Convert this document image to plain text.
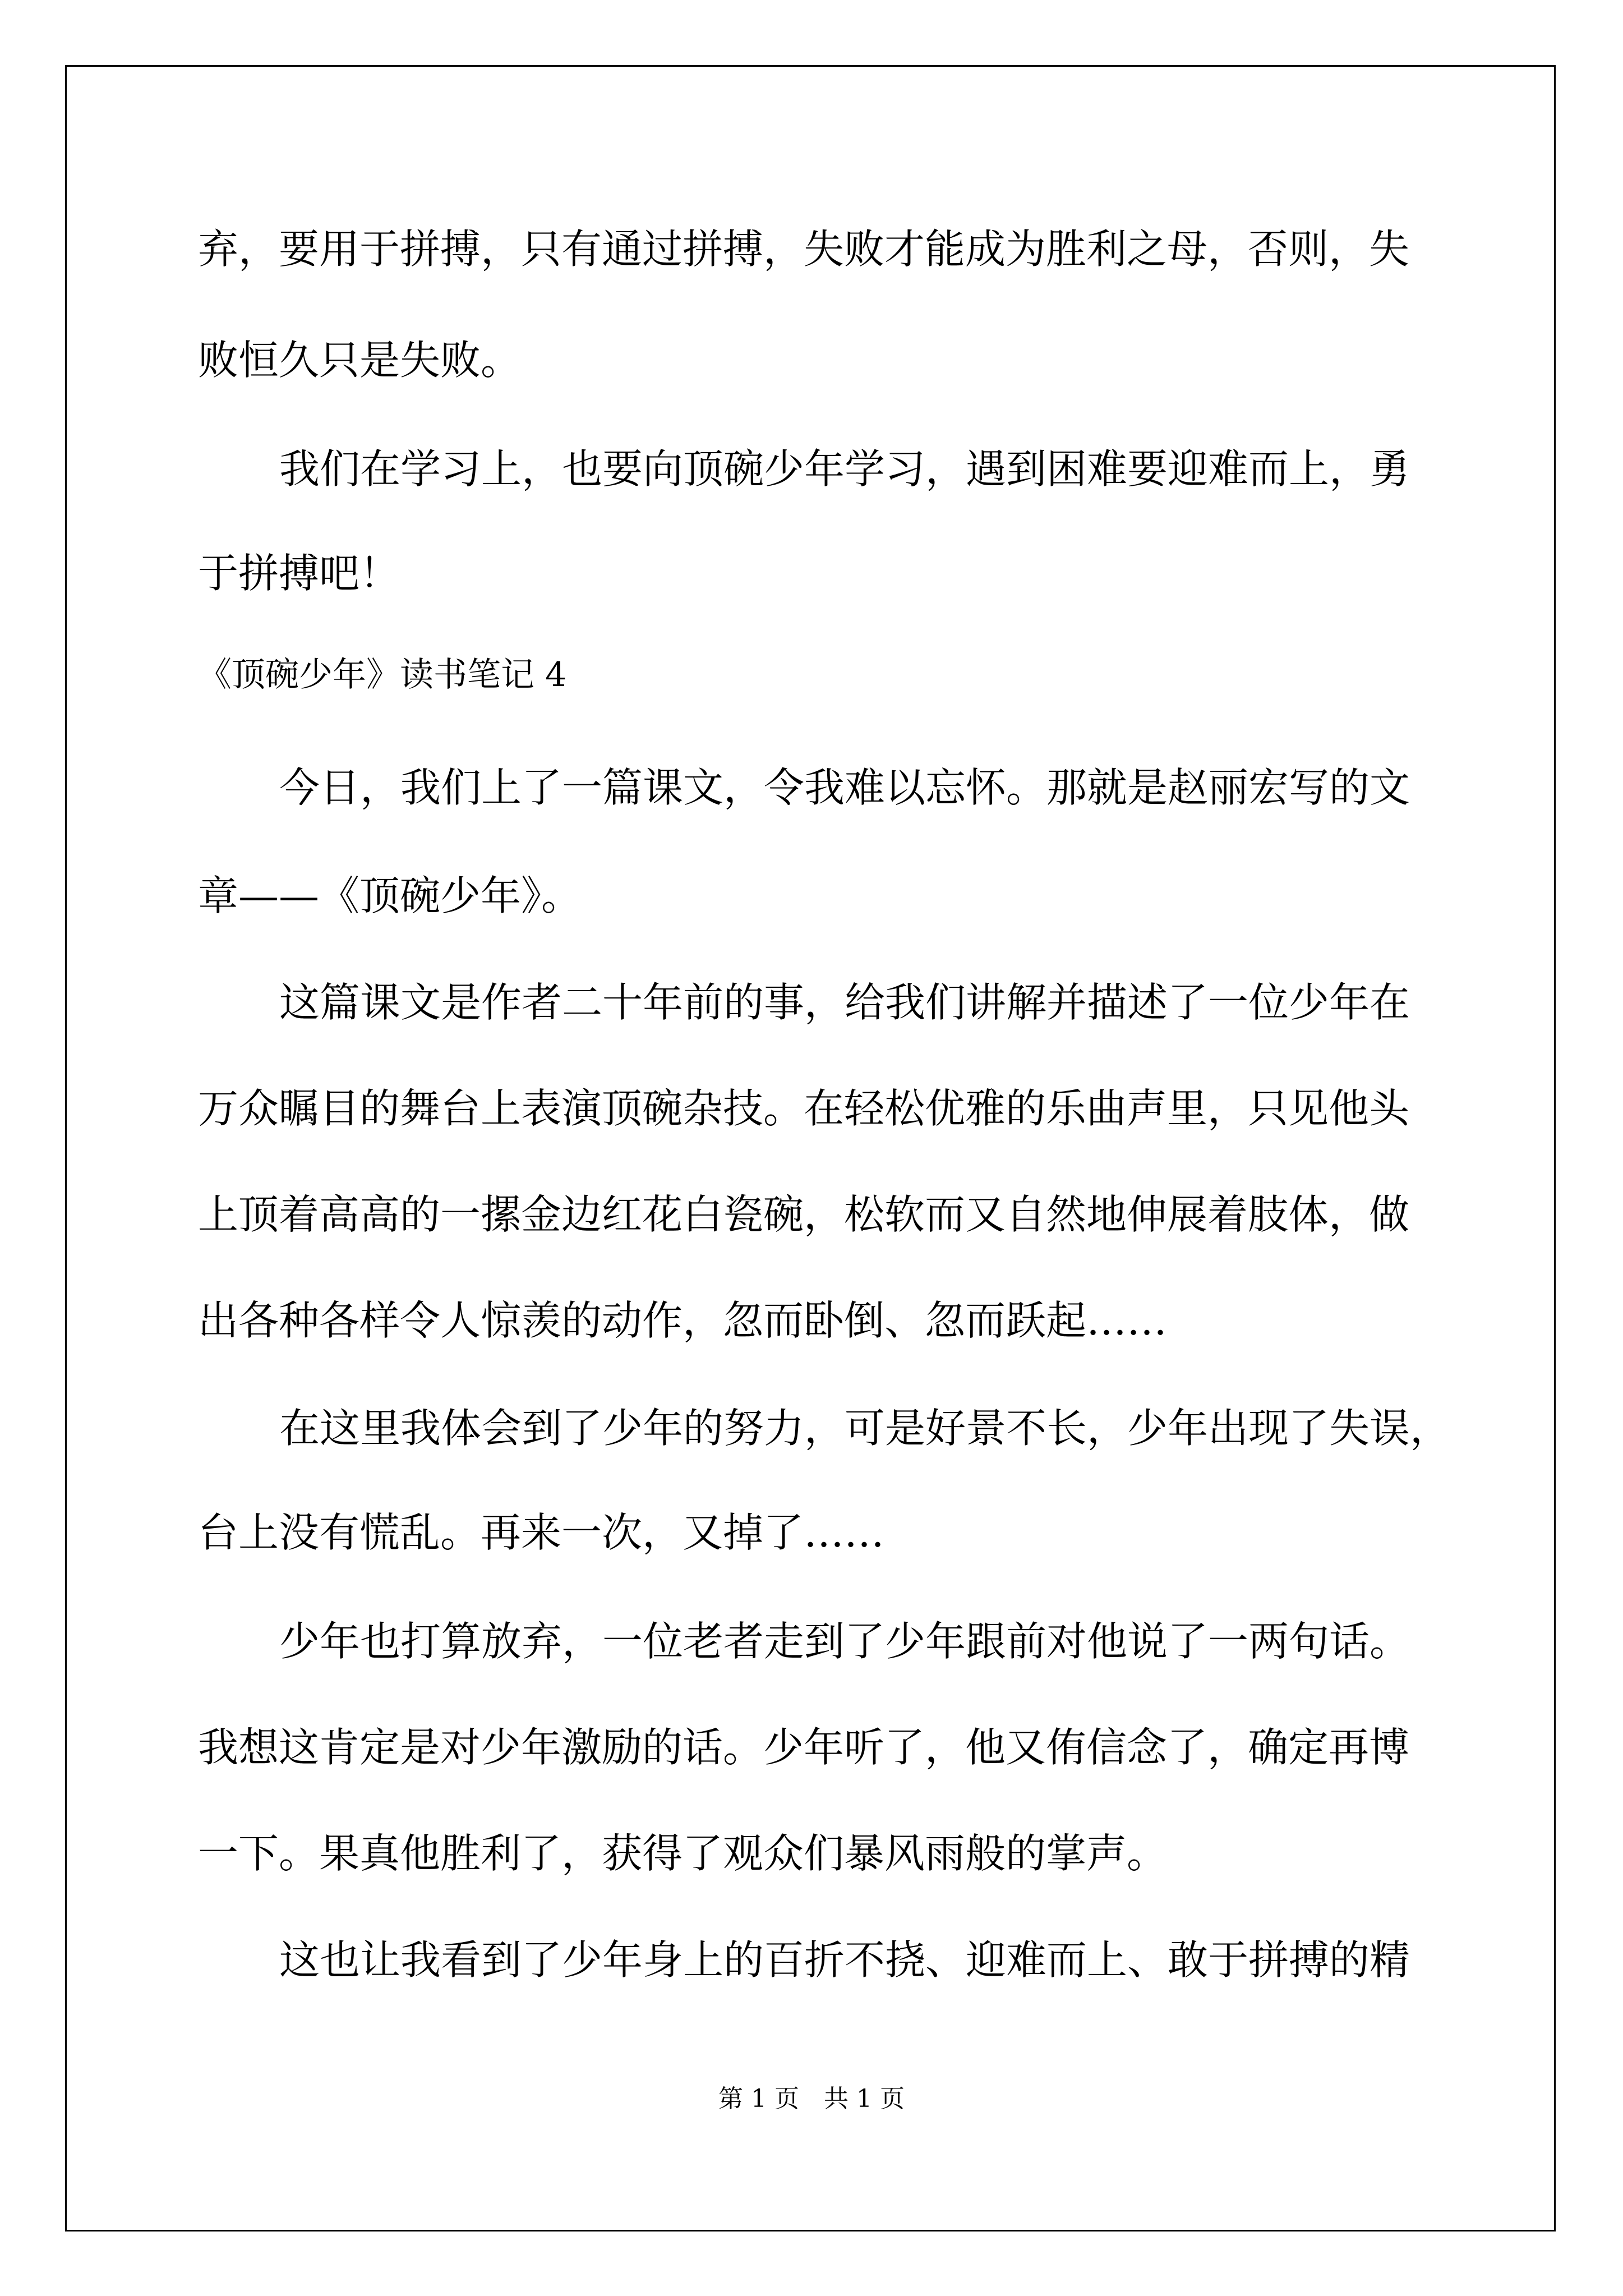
弃，要用于拼搏，只有通过拼搏，失败才能成为胜利之母，否则，失
败恒久只是失败。
我们在学习上，也要向顶碗少年学习，遇到困难要迎难而上，勇
于拼搏吧！
《顶碗少年》读书笔记 4
今日，我们上了一篇课文，令我难以忘怀。那就是赵丽宏写的文
章——《顶碗少年》。
这篇课文是作者二十年前的事，给我们讲解并描述了一位少年在
万众瞩目的舞台上表演顶碗杂技。在轻松优雅的乐曲声里，只见他头
上顶着高高的一摞金边红花白瓷碗，松软而又自然地伸展着肢体，做
出各种各样令人惊羡的动作，忽而卧倒、忽而跃起……
在这里我体会到了少年的努力，可是好景不长，少年出现了失误，
台上没有慌乱。再来一次，又掉了……
少年也打算放弃，一位老者走到了少年跟前对他说了一两句话。
我想这肯定是对少年激励的话。少年听了，他又侑信念了，确定再博
一下。果真他胜利了，获得了观众们暴风雨般的掌声。
这也让我看到了少年身上的百折不挠、迎难而上、敢于拼搏的精
第 1 页　共 1 页
